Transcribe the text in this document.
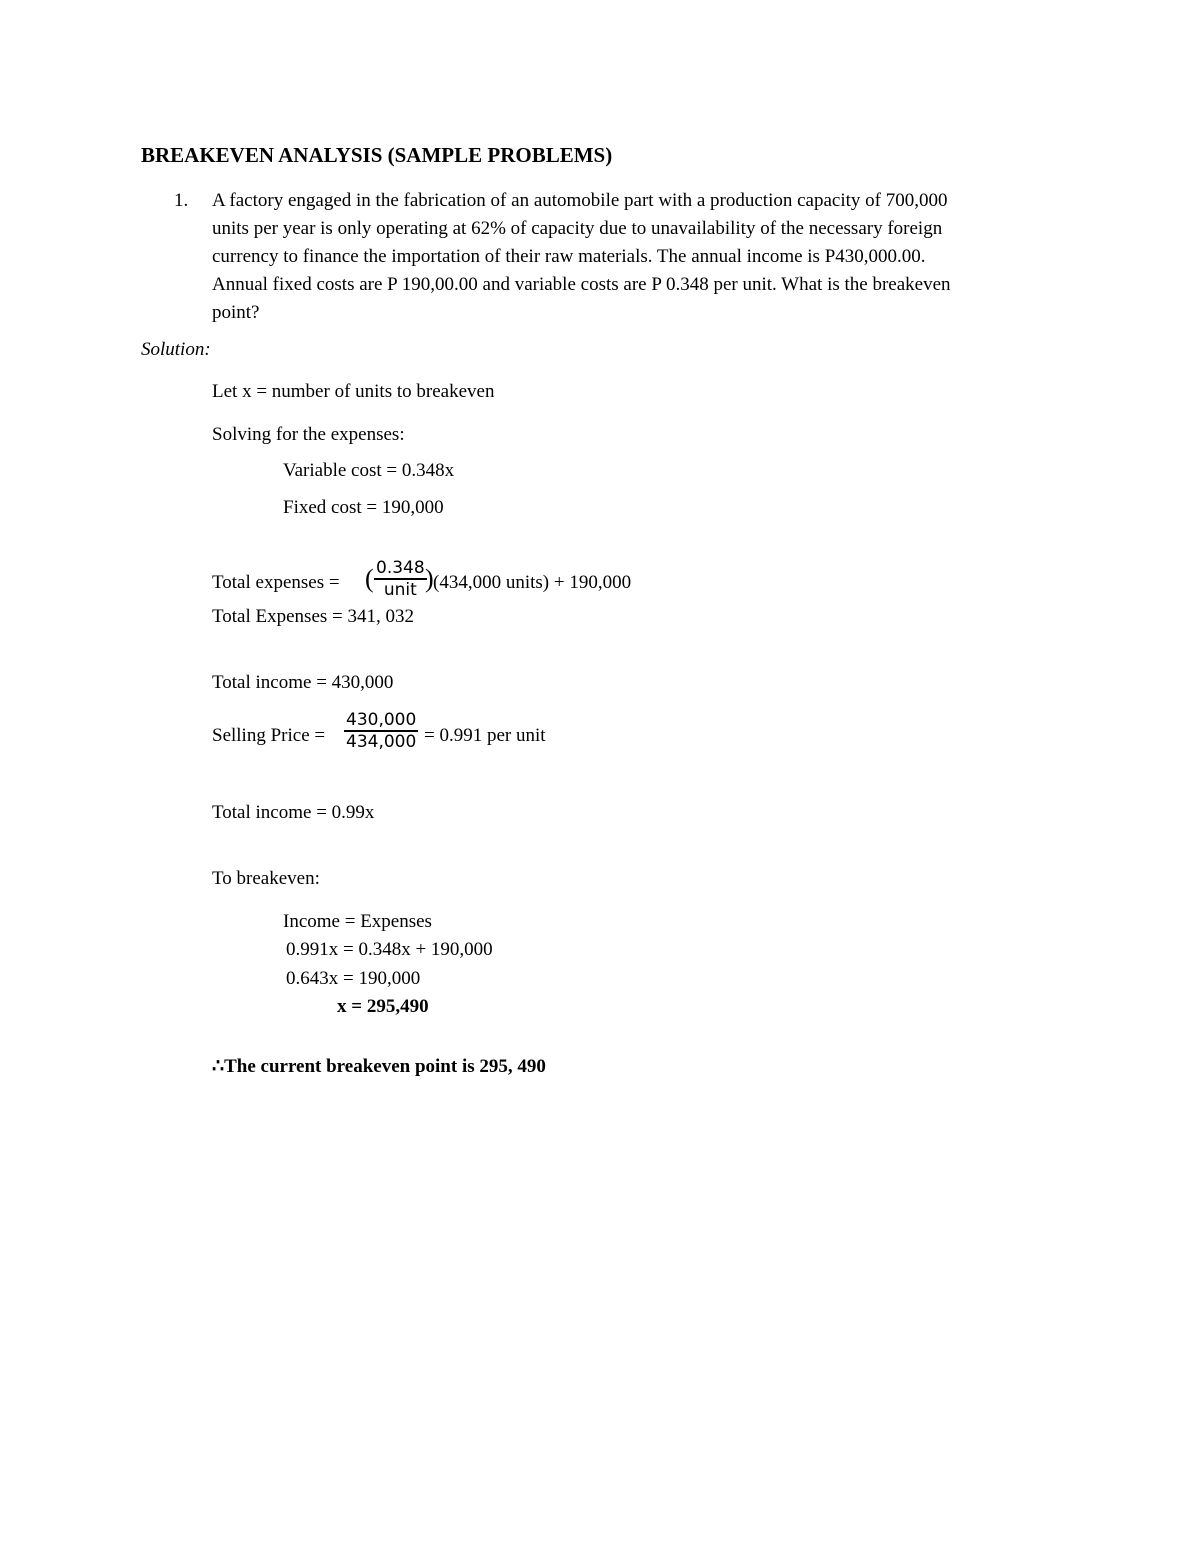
BREAKEVEN ANALYSIS (SAMPLE PROBLEMS)
1. A factory engaged in the fabrication of an automobile part with a production capacity of 700,000
units per year is only operating at 62% of capacity due to unavailability of the necessary foreign
currency to finance the importation of their raw materials. The annual income is P430,000.00.
Annual fixed costs are P 190,00.00 and variable costs are P 0.348 per unit. What is the breakeven
point?
Solution:
Let x = number of units to breakeven
Solving for the expenses:
Variable cost = 0.348x
Fixed cost = 190,000
Total expenses = ( 0.348
unit ) (434,000 units) + 190,000
Total Expenses = 341, 032
Total income = 430,000
Selling Price =
430,000
434,000 = 0.991 per unit
Total income = 0.99x
To breakeven:
Income = Expenses
0.991x = 0.348x + 190,000
0.643x = 190,000
x = 295,490
∴The current breakeven point is 295, 490
